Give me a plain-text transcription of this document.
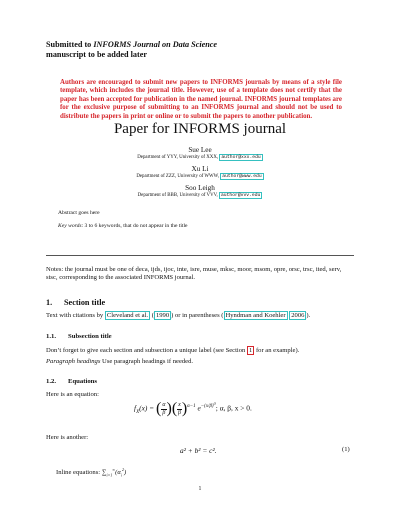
Submitted to INFORMS Journal on Data Science
manuscript to be added later
Authors are encouraged to submit new papers to INFORMS journals by means of a style file template, which includes the journal title. However, use of a template does not certify that the paper has been accepted for publication in the named journal. INFORMS journal templates are for the exclusive purpose of submitting to an INFORMS journal and should not be used to distribute the papers in print or online or to submit the papers to another publication.
Paper for INFORMS journal
Sue Lee
Department of YYY, University of XXX, author@xxx.edu
Xu Li
Department of ZZZ, University of WWW, author@www.edu
Soo Leigh
Department of BBB, University of VVV, author@vvv.edu
Abstract goes here
Key words: 3 to 6 keywords, that do not appear in the title
Notes: the journal must be one of deca, ijds, ijoc, inte, isre, muse, mksc, moor, msom, opre, orsc, trsc, ited, serv, stsc, corresponding to the associated INFORMS journal.
1. Section title
Text with citations by Cleveland et al. ( 1990 ) or in parentheses ( Hyndman and Koehler 2006 ).
1.1. Subsection title
Don’t forget to give each section and subsection a unique label (see Section 1 for an example).
Paragraph headings Use paragraph headings if needed.
1.2. Equations
Here is an equation:
$f_X(x)$ = ( $\frac{\alpha}{\beta}$ )( $\frac{x}{\beta} )^{\alpha-1}$ $e^{-(x/\beta)^\alpha}$; α, β, x > 0.
Here is another:
a² + b² = c².	(1)
Inline equations: $\sum_{i=1}^\infty(\alpha_i^2)$
1
